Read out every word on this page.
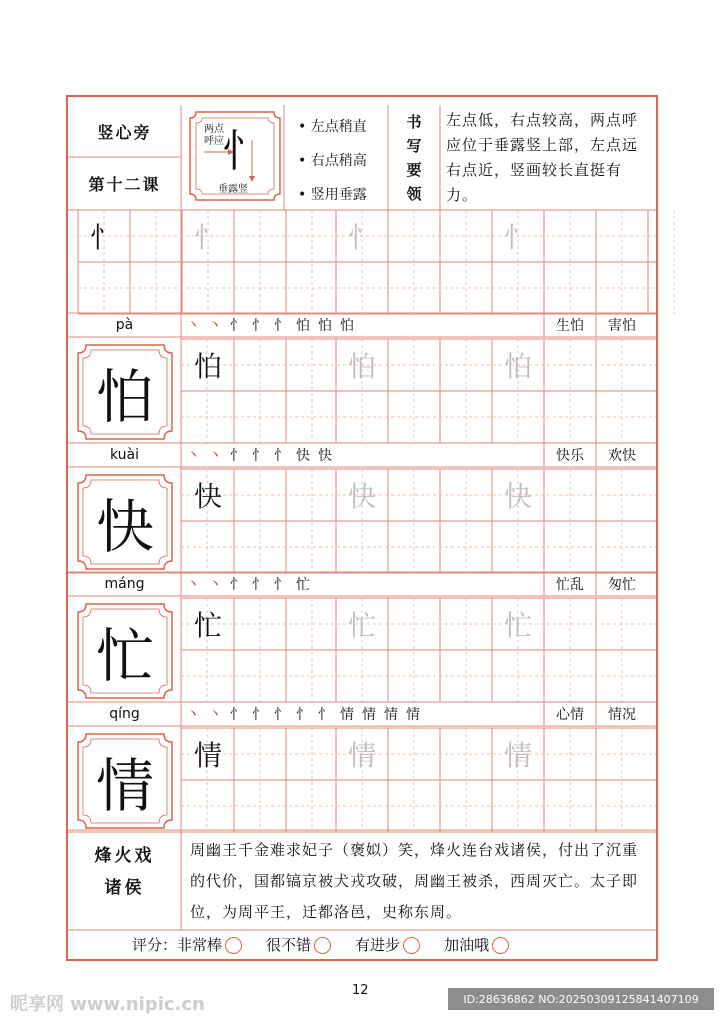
竖心旁
第十二课
两点
呼应
忄
垂露竖
• 左点稍直
• 右点稍高
• 竖用垂露
书
写
要
领
左点低，右点较高，两点呼应位于垂露竖上部，左点远右点近，竖画较长直挺有力。
忄	忄	忄	忄
pà	丶 丶 忄 忄 忄 怕 怕 怕	生怕	害怕
怕	怕	怕	怕
kuài	丶 丶 忄 忄 忄 快 快	快乐	欢快
快	快	快	快
máng	丶 丶 忄 忄 忄 忙	忙乱	匆忙
忙	忙	忙	忙
qíng	丶 丶 忄 忄 忄 忄 忄 情 情 情 情	心情	情况
情	情	情	情
烽火戏
诸侯
周幽王千金难求妃子（褒姒）笑，烽火连台戏诸侯，付出了沉重的代价，国都镐京被犬戎攻破，周幽王被杀，西周灭亡。太子即位，为周平王，迁都洛邑，史称东周。
评分： 非常棒	很不错	有进步	加油哦
12
昵享网 www.nipic.cn	ID:28636862 NO:20250309125841407109
